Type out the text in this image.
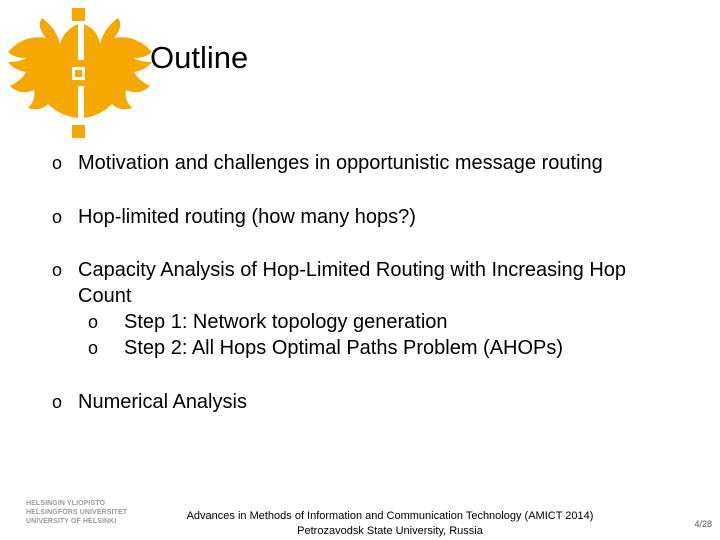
Outline
o Motivation and challenges in opportunistic message routing
o Hop-limited routing (how many hops?)
o Capacity Analysis of Hop-Limited Routing with Increasing Hop Count
o	Step 1: Network topology generation
o	Step 2: All Hops Optimal Paths Problem (AHOPs)
o Numerical Analysis
HELSINGIN YLIOPISTO
HELSINGFORS UNIVERSITET
UNIVERSITY OF HELSINKI	Advances in Methods of Information and Communication Technology (AMICT 2014)
Petrozavodsk State University, Russia
4/28
